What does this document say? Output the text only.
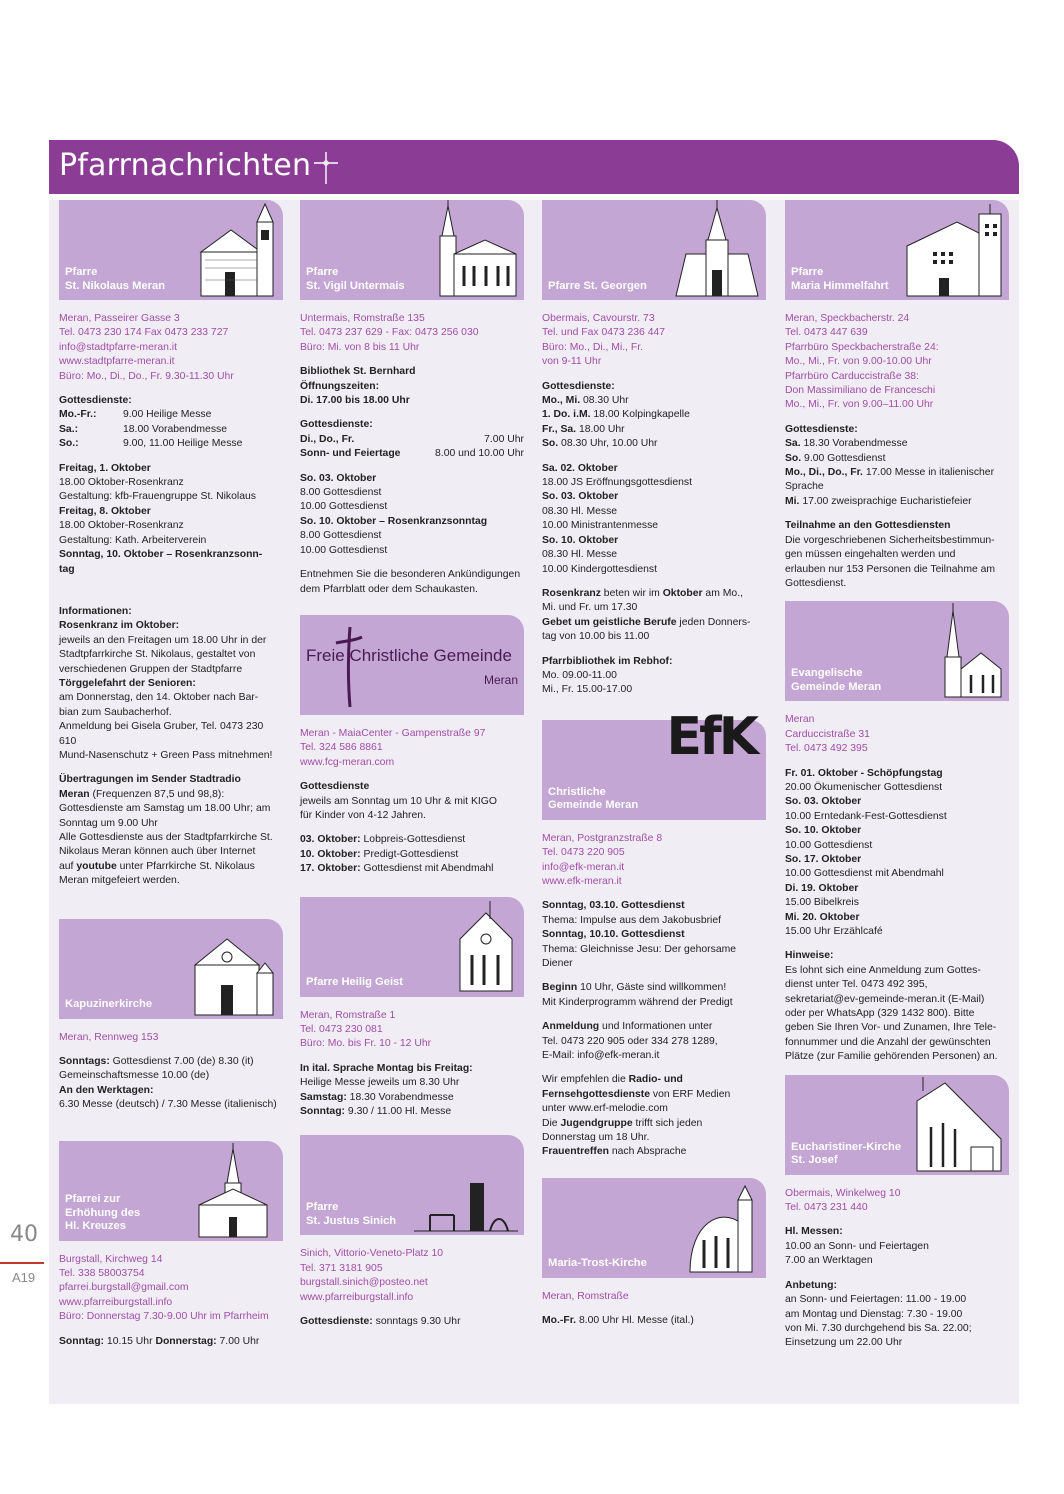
Pfarrnachrichten
Pfarre
St. Nikolaus Meran
Meran, Passeirer Gasse 3
Tel. 0473 230 174 Fax 0473 233 727
info@stadtpfarre-meran.it
www.stadtpfarre-meran.it
Büro: Mo., Di., Do., Fr. 9.30-11.30 Uhr
Gottesdienste:
Mo.-Fr.:	9.00 Heilige Messe
Sa.:	18.00 Vorabendmesse
So.:	9.00, 11.00 Heilige Messe
Freitag, 1. Oktober
18.00 Oktober-Rosenkranz
Gestaltung: kfb-Frauengruppe St. Nikolaus
Freitag, 8. Oktober
18.00 Oktober-Rosenkranz
Gestaltung: Kath. Arbeiterverein
Sonntag, 10. Oktober – Rosenkranzsonn-
tag
Informationen:
Rosenkranz im Oktober:
jeweils an den Freitagen um 18.00 Uhr in der
Stadtpfarrkirche St. Nikolaus, gestaltet von
verschiedenen Gruppen der Stadtpfarre
Törggelefahrt der Senioren:
am Donnerstag, den 14. Oktober nach Bar-
bian zum Saubacherhof.
Anmeldung bei Gisela Gruber, Tel. 0473 230
610
Mund-Nasenschutz + Green Pass mitnehmen!
Übertragungen im Sender Stadtradio
Meran (Frequenzen 87,5 und 98,8):
Gottesdienste am Samstag um 18.00 Uhr; am
Sonntag um 9.00 Uhr
Alle Gottesdienste aus der Stadtpfarrkirche St.
Nikolaus Meran können auch über Internet
auf youtube unter Pfarrkirche St. Nikolaus
Meran mitgefeiert werden.
Kapuzinerkirche
Meran, Rennweg 153
Sonntags: Gottesdienst 7.00 (de) 8.30 (it)
Gemeinschaftsmesse 10.00 (de)
An den Werktagen:
6.30 Messe (deutsch) / 7.30 Messe (italienisch)
Pfarrei zur
Erhöhung des
Hl. Kreuzes
Burgstall, Kirchweg 14
Tel. 338 58003754
pfarrei.burgstall@gmail.com
www.pfarreiburgstall.info
Büro: Donnerstag 7.30-9.00 Uhr im Pfarrheim
Sonntag: 10.15 Uhr Donnerstag: 7.00 Uhr
Pfarre
St. Vigil Untermais
Untermais, Romstraße 135
Tel. 0473 237 629 - Fax: 0473 256 030
Büro: Mi. von 8 bis 11 Uhr
Bibliothek St. Bernhard
Öffnungszeiten:
Di. 17.00 bis 18.00 Uhr
Gottesdienste:
Di., Do., Fr.	7.00 Uhr
Sonn- und Feiertage	8.00 und 10.00 Uhr
So. 03. Oktober
8.00 Gottesdienst
10.00 Gottesdienst
So. 10. Oktober – Rosenkranzsonntag
8.00 Gottesdienst
10.00 Gottesdienst
Entnehmen Sie die besonderen Ankündigungen
dem Pfarrblatt oder dem Schaukasten.
Freie Christliche Gemeinde
Meran
Meran - MaiaCenter - Gampenstraße 97
Tel. 324 586 8861
www.fcg-meran.com
Gottesdienste
jeweils am Sonntag um 10 Uhr & mit KIGO
für Kinder von 4-12 Jahren.
03. Oktober: Lobpreis-Gottesdienst
10. Oktober: Predigt-Gottesdienst
17. Oktober: Gottesdienst mit Abendmahl
Pfarre Heilig Geist
Meran, Romstraße 1
Tel. 0473 230 081
Büro: Mo. bis Fr. 10 - 12 Uhr
In ital. Sprache Montag bis Freitag:
Heilige Messe jeweils um 8.30 Uhr
Samstag: 18.30 Vorabendmesse
Sonntag: 9.30 / 11.00 Hl. Messe
Pfarre
St. Justus Sinich
Sinich, Vittorio-Veneto-Platz 10
Tel. 371 3181 905
burgstall.sinich@posteo.net
www.pfarreiburgstall.info
Gottesdienste: sonntags 9.30 Uhr
Pfarre St. Georgen
Obermais, Cavourstr. 73
Tel. und Fax 0473 236 447
Büro: Mo., Di., Mi., Fr.
von 9-11 Uhr
Gottesdienste:
Mo., Mi. 08.30 Uhr
1. Do. i.M. 18.00 Kolpingkapelle
Fr., Sa. 18.00 Uhr
So. 08.30 Uhr, 10.00 Uhr
Sa. 02. Oktober
18.00 JS Eröffnungsgottesdienst
So. 03. Oktober
08.30 Hl. Messe
10.00 Ministrantenmesse
So. 10. Oktober
08.30 Hl. Messe
10.00 Kindergottesdienst
Rosenkranz beten wir im Oktober am Mo.,
Mi. und Fr. um 17.30
Gebet um geistliche Berufe jeden Donners-
tag von 10.00 bis 11.00
Pfarrbibliothek im Rebhof:
Mo. 09.00-11.00
Mi., Fr. 15.00-17.00
EfK
Christliche
Gemeinde Meran
Meran, Postgranzstraße 8
Tel. 0473 220 905
info@efk-meran.it
www.efk-meran.it
Sonntag, 03.10. Gottesdienst
Thema: Impulse aus dem Jakobusbrief
Sonntag, 10.10. Gottesdienst
Thema: Gleichnisse Jesu: Der gehorsame
Diener
Beginn 10 Uhr, Gäste sind willkommen!
Mit Kinderprogramm während der Predigt
Anmeldung und Informationen unter
Tel. 0473 220 905 oder 334 278 1289,
E-Mail: info@efk-meran.it
Wir empfehlen die Radio- und
Fernsehgottesdienste von ERF Medien
unter www.erf-melodie.com
Die Jugendgruppe trifft sich jeden
Donnerstag um 18 Uhr.
Frauentreffen nach Absprache
Maria-Trost-Kirche
Meran, Romstraße
Mo.-Fr. 8.00 Uhr Hl. Messe (ital.)
Pfarre
Maria Himmelfahrt
Meran, Speckbacherstr. 24
Tel. 0473 447 639
Pfarrbüro Speckbacherstraße 24:
Mo., Mi., Fr. von 9.00-10.00 Uhr
Pfarrbüro Carduccistraße 38:
Don Massimiliano de Franceschi
Mo., Mi., Fr. von 9.00–11.00 Uhr
Gottesdienste:
Sa. 18.30 Vorabendmesse
So. 9.00 Gottesdienst
Mo., Di., Do., Fr. 17.00 Messe in italienischer
Sprache
Mi. 17.00 zweisprachige Eucharistiefeier
Teilnahme an den Gottesdiensten
Die vorgeschriebenen Sicherheitsbestimmun-
gen müssen eingehalten werden und
erlauben nur 153 Personen die Teilnahme am
Gottesdienst.
Evangelische
Gemeinde Meran
Meran
Carduccistraße 31
Tel. 0473 492 395
Fr. 01. Oktober - Schöpfungstag
20.00 Ökumenischer Gottesdienst
So. 03. Oktober
10.00 Erntedank-Fest-Gottesdienst
So. 10. Oktober
10.00 Gottesdienst
So. 17. Oktober
10.00 Gottesdienst mit Abendmahl
Di. 19. Oktober
15.00 Bibelkreis
Mi. 20. Oktober
15.00 Uhr Erzählcafé
Hinweise:
Es lohnt sich eine Anmeldung zum Gottes-
dienst unter Tel. 0473 492 395,
sekretariat@ev-gemeinde-meran.it (E-Mail)
oder per WhatsApp (329 1432 800). Bitte
geben Sie Ihren Vor- und Zunamen, Ihre Tele-
fonnummer und die Anzahl der gewünschten
Plätze (zur Familie gehörenden Personen) an.
Eucharistiner-Kirche
St. Josef
Obermais, Winkelweg 10
Tel. 0473 231 440
Hl. Messen:
10.00 an Sonn- und Feiertagen
7.00 an Werktagen
Anbetung:
an Sonn- und Feiertagen: 11.00 - 19.00
am Montag und Dienstag: 7.30 - 19.00
von Mi. 7.30 durchgehend bis Sa. 22.00;
Einsetzung um 22.00 Uhr
40
A19
